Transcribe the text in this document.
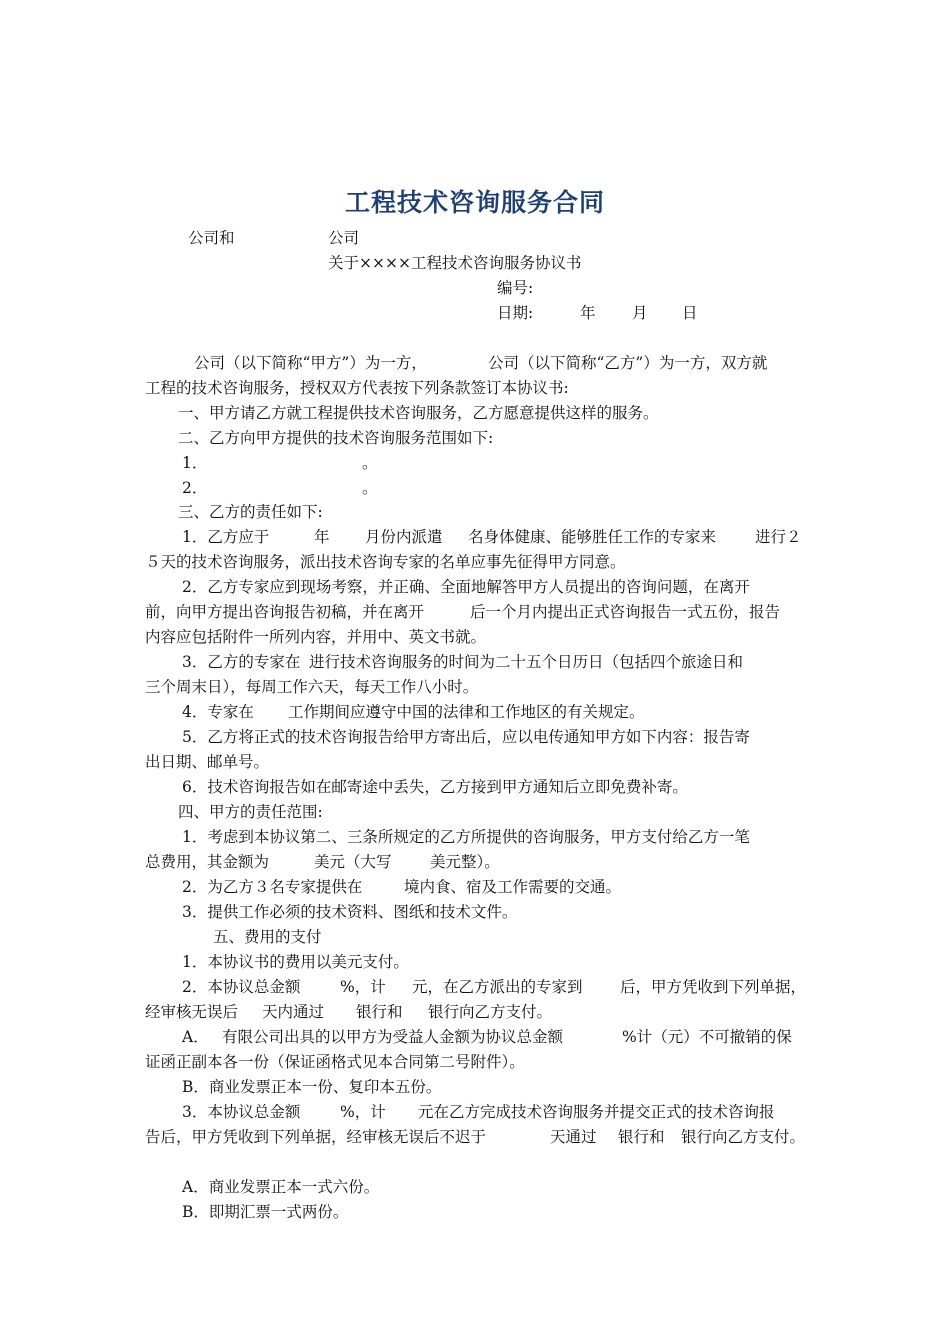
工程技术咨询服务合同
公司和	公司
关于××××工程技术咨询服务协议书
编号:
日期:	年 月 日
公司（以下简称“甲方”）为一方，	公司（以下简称“乙方”）为一方，双方就
工程的技术咨询服务，授权双方代表按下列条款签订本协议书:
一、甲方请乙方就工程提供技术咨询服务，乙方愿意提供这样的服务。
二、乙方向甲方提供的技术咨询服务范围如下:
1．	。
2．	。
三、乙方的责任如下:
1．乙方应于	年 月份内派遣 名身体健康、能够胜任工作的专家来	进行２
５天的技术咨询服务，派出技术咨询专家的名单应事先征得甲方同意。
2．乙方专家应到现场考察，并正确、全面地解答甲方人员提出的咨询问题，在离开
前，向甲方提出咨询报告初稿，并在离开	后一个月内提出正式咨询报告一式五份，报告
内容应包括附件一所列内容，并用中、英文书就。
3．乙方的专家在 进行技术咨询服务的时间为二十五个日历日（包括四个旅途日和
三个周末日），每周工作六天，每天工作八小时。
4．专家在 工作期间应遵守中国的法律和工作地区的有关规定。
5．乙方将正式的技术咨询报告给甲方寄出后，应以电传通知甲方如下内容：报告寄
出日期、邮单号。
6．技术咨询报告如在邮寄途中丢失，乙方接到甲方通知后立即免费补寄。
四、甲方的责任范围:
1．考虑到本协议第二、三条所规定的乙方所提供的咨询服务，甲方支付给乙方一笔
总费用，其金额为	美元（大写 美元整）。
2．为乙方３名专家提供在	境内食、宿及工作需要的交通。
3．提供工作必须的技术资料、图纸和技术文件。
五、费用的支付
1．本协议书的费用以美元支付。
2．本协议总金额	%，计 元，在乙方派出的专家到 后，甲方凭收到下列单据，
经审核无误后 天内通过 银行和 银行向乙方支付。
A． 有限公司出具的以甲方为受益人金额为协议总金额	%计（元）不可撤销的保
证函正副本各一份（保证函格式见本合同第二号附件）。
B．商业发票正本一份、复印本五份。
3．本协议总金额	%，计 元在乙方完成技术咨询服务并提交正式的技术咨询报
告后，甲方凭收到下列单据，经审核无误后不迟于	天通过 银行和 银行向乙方支付。
A．商业发票正本一式六份。
B．即期汇票一式两份。
